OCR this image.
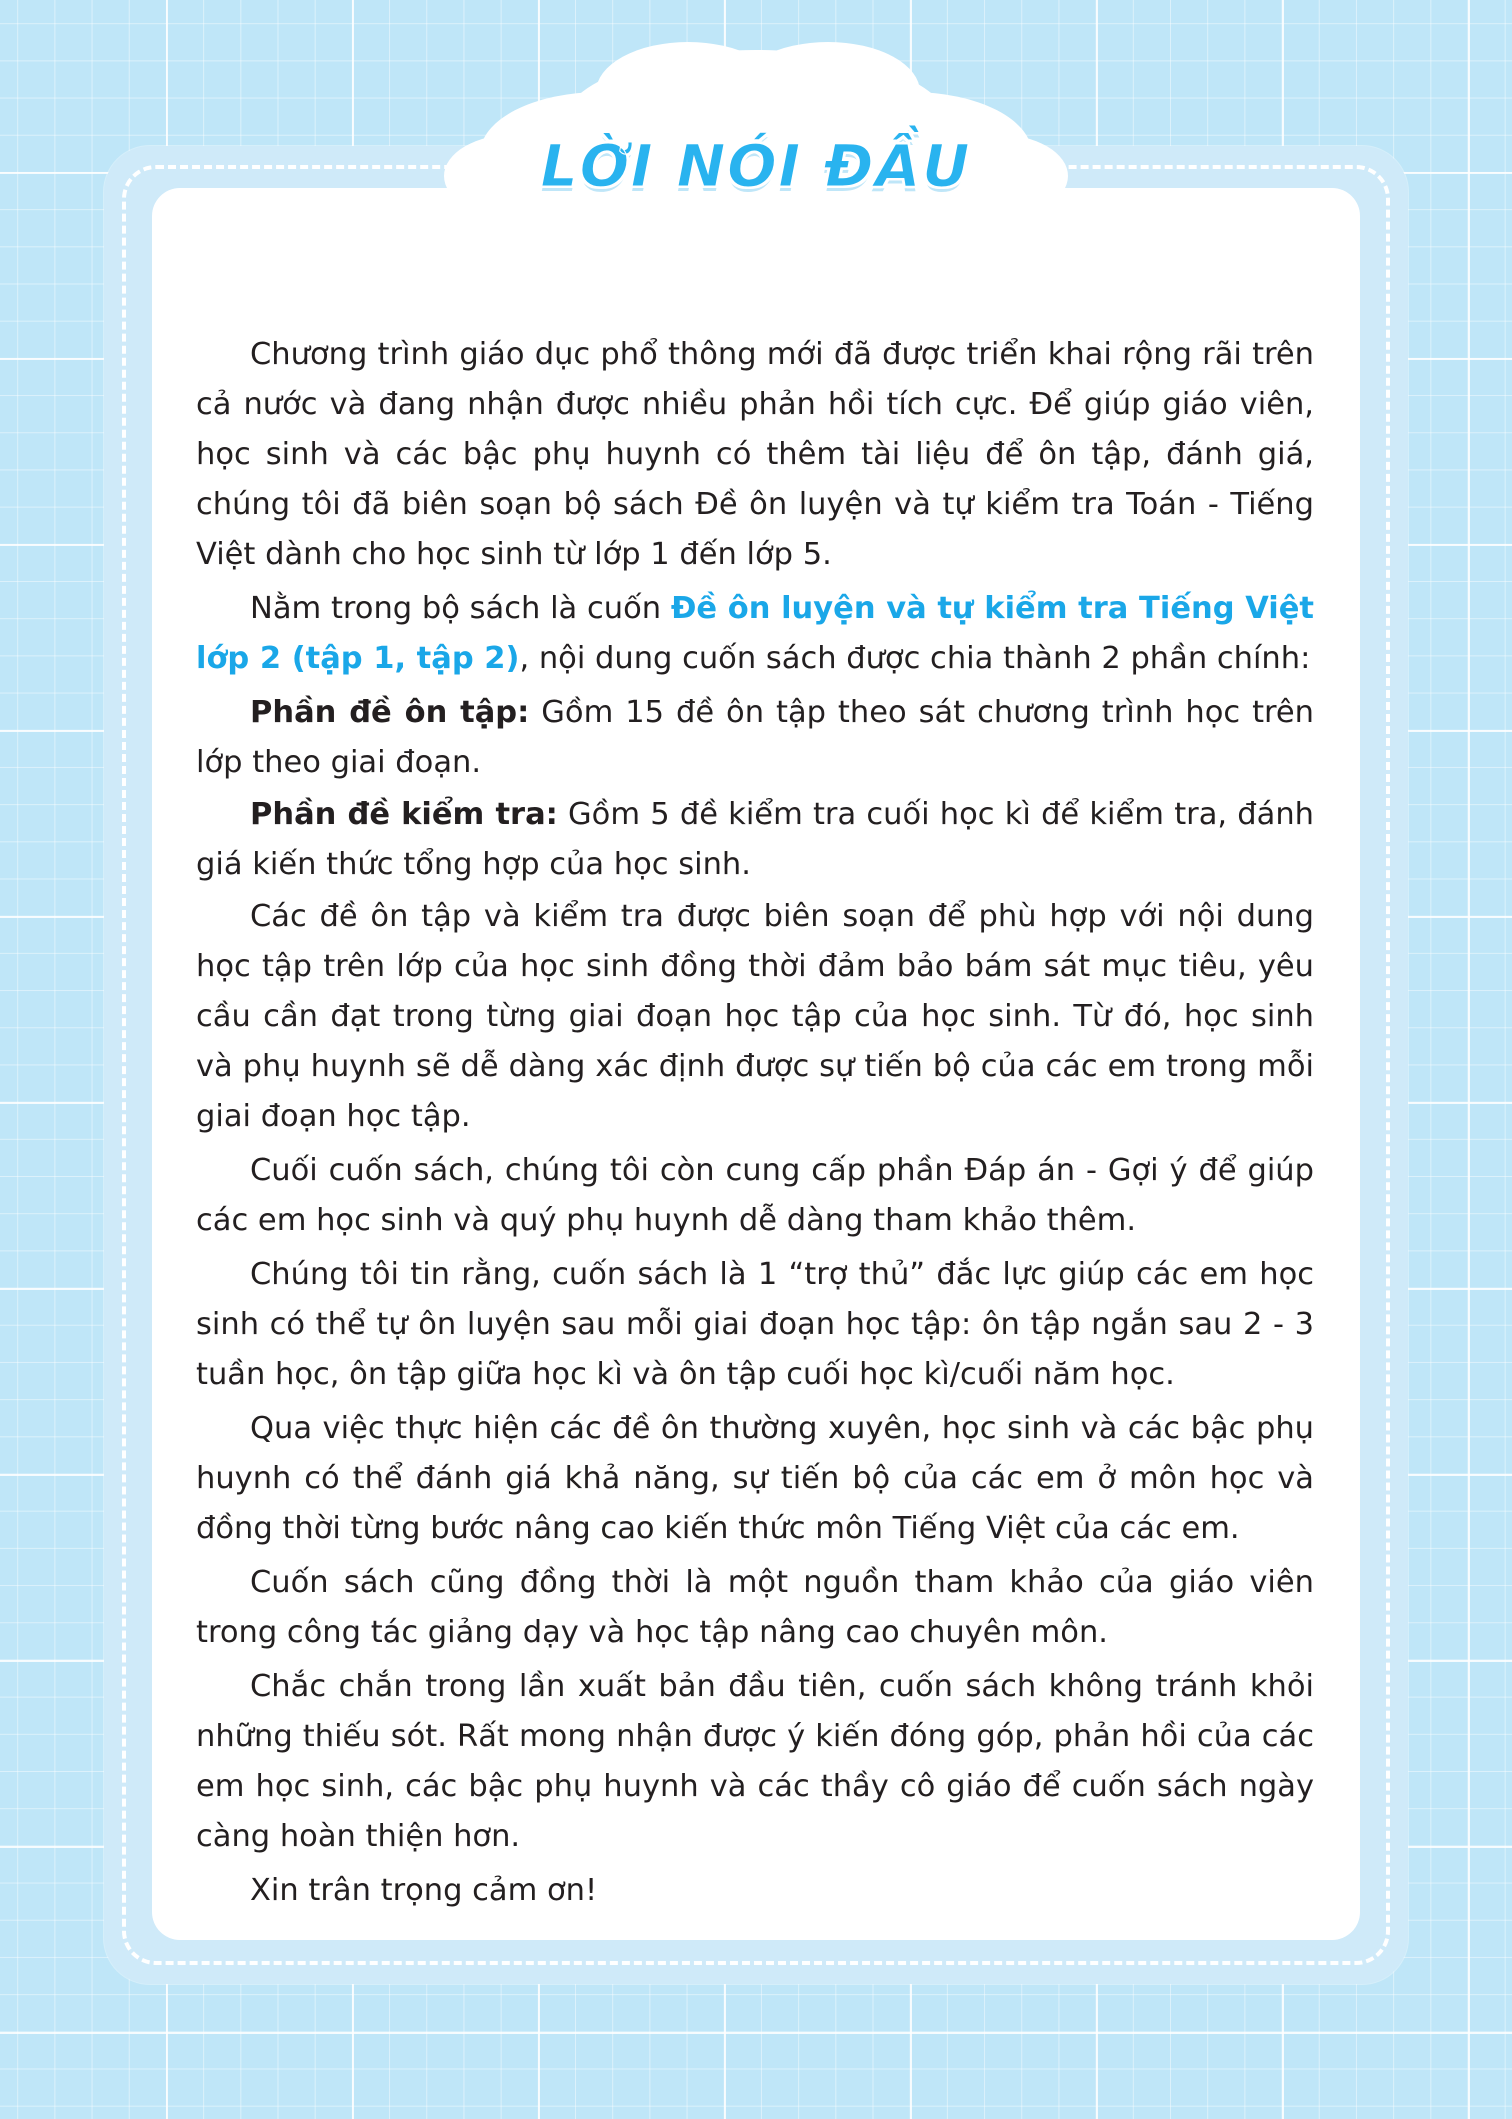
LỜI NÓI ĐẦU

Chương trình giáo dục phổ thông mới đã được triển khai rộng rãi trên cả nước và đang nhận được nhiều phản hồi tích cực. Để giúp giáo viên, học sinh và các bậc phụ huynh có thêm tài liệu để ôn tập, đánh giá, chúng tôi đã biên soạn bộ sách Đề ôn luyện và tự kiểm tra Toán - Tiếng Việt dành cho học sinh từ lớp 1 đến lớp 5.

Nằm trong bộ sách là cuốn Đề ôn luyện và tự kiểm tra Tiếng Việt lớp 2 (tập 1, tập 2), nội dung cuốn sách được chia thành 2 phần chính:

Phần đề ôn tập: Gồm 15 đề ôn tập theo sát chương trình học trên lớp theo giai đoạn.

Phần đề kiểm tra: Gồm 5 đề kiểm tra cuối học kì để kiểm tra, đánh giá kiến thức tổng hợp của học sinh.

Các đề ôn tập và kiểm tra được biên soạn để phù hợp với nội dung học tập trên lớp của học sinh đồng thời đảm bảo bám sát mục tiêu, yêu cầu cần đạt trong từng giai đoạn học tập của học sinh. Từ đó, học sinh và phụ huynh sẽ dễ dàng xác định được sự tiến bộ của các em trong mỗi giai đoạn học tập.

Cuối cuốn sách, chúng tôi còn cung cấp phần Đáp án - Gợi ý để giúp các em học sinh và quý phụ huynh dễ dàng tham khảo thêm.

Chúng tôi tin rằng, cuốn sách là 1 “trợ thủ” đắc lực giúp các em học sinh có thể tự ôn luyện sau mỗi giai đoạn học tập: ôn tập ngắn sau 2 - 3 tuần học, ôn tập giữa học kì và ôn tập cuối học kì/cuối năm học.

Qua việc thực hiện các đề ôn thường xuyên, học sinh và các bậc phụ huynh có thể đánh giá khả năng, sự tiến bộ của các em ở môn học và đồng thời từng bước nâng cao kiến thức môn Tiếng Việt của các em.

Cuốn sách cũng đồng thời là một nguồn tham khảo của giáo viên trong công tác giảng dạy và học tập nâng cao chuyên môn.

Chắc chắn trong lần xuất bản đầu tiên, cuốn sách không tránh khỏi những thiếu sót. Rất mong nhận được ý kiến đóng góp, phản hồi của các em học sinh, các bậc phụ huynh và các thầy cô giáo để cuốn sách ngày càng hoàn thiện hơn.

Xin trân trọng cảm ơn!
